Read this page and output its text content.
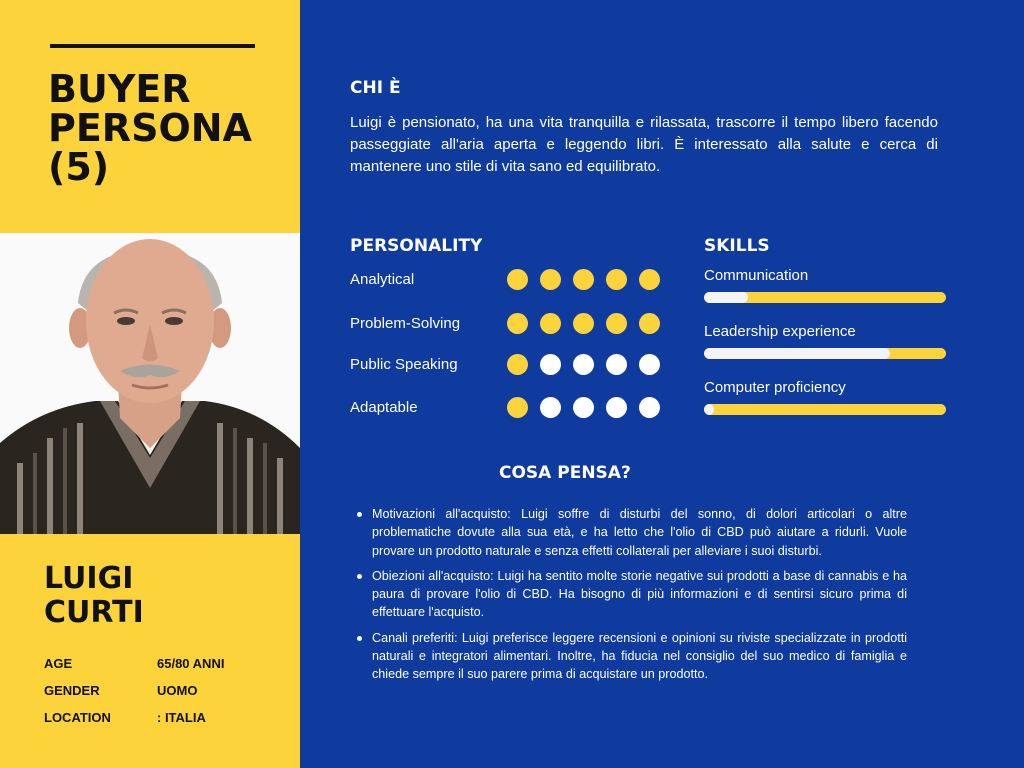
BUYER
PERSONA
(5)
LUIGI
CURTI
AGE	65/80 ANNI
GENDER	UOMO
LOCATION	: ITALIA
CHI È

Luigi è pensionato, ha una vita tranquilla e rilassata, trascorre il tempo libero facendo passeggiate all'aria aperta e leggendo libri. È interessato alla salute e cerca di mantenere uno stile di vita sano ed equilibrato.

PERSONALITY
Analytical
Problem-Solving
Public Speaking
Adaptable
SKILLS
Communication
Leadership experience
Computer proficiency
COSA PENSA?
Motivazioni all'acquisto: Luigi soffre di disturbi del sonno, di dolori articolari o altre problematiche dovute alla sua età, e ha letto che l'olio di CBD può aiutare a ridurli. Vuole provare un prodotto naturale e senza effetti collaterali per alleviare i suoi disturbi.
Obiezioni all'acquisto: Luigi ha sentito molte storie negative sui prodotti a base di cannabis e ha paura di provare l'olio di CBD. Ha bisogno di più informazioni e di sentirsi sicuro prima di effettuare l'acquisto.
Canali preferiti: Luigi preferisce leggere recensioni e opinioni su riviste specializzate in prodotti naturali e integratori alimentari. Inoltre, ha fiducia nel consiglio del suo medico di famiglia e chiede sempre il suo parere prima di acquistare un prodotto.
